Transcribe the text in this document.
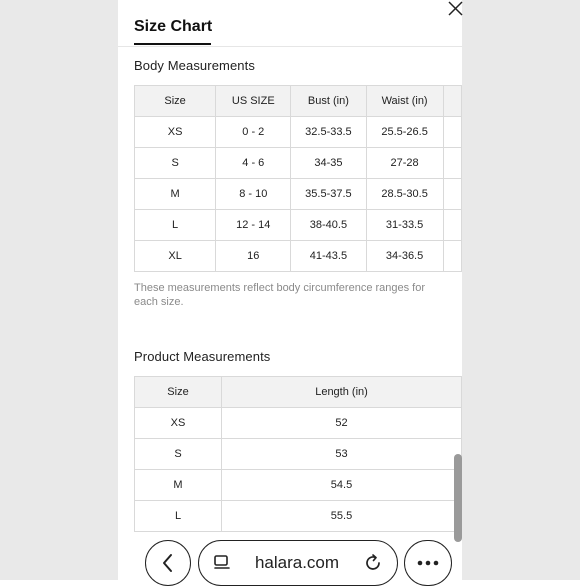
Size Chart
Body Measurements
Size	US SIZE	Bust (in)	Waist (in)	
XS	0 - 2	32.5-33.5	25.5-26.5	
S	4 - 6	34-35	27-28	
M	8 - 10	35.5-37.5	28.5-30.5	
L	12 - 14	38-40.5	31-33.5	
XL	16	41-43.5	34-36.5	
These measurements reflect body circumference ranges for each size.
Product Measurements
Size	Length (in)
XS	52
S	53
M	54.5
L	55.5
halara.com
